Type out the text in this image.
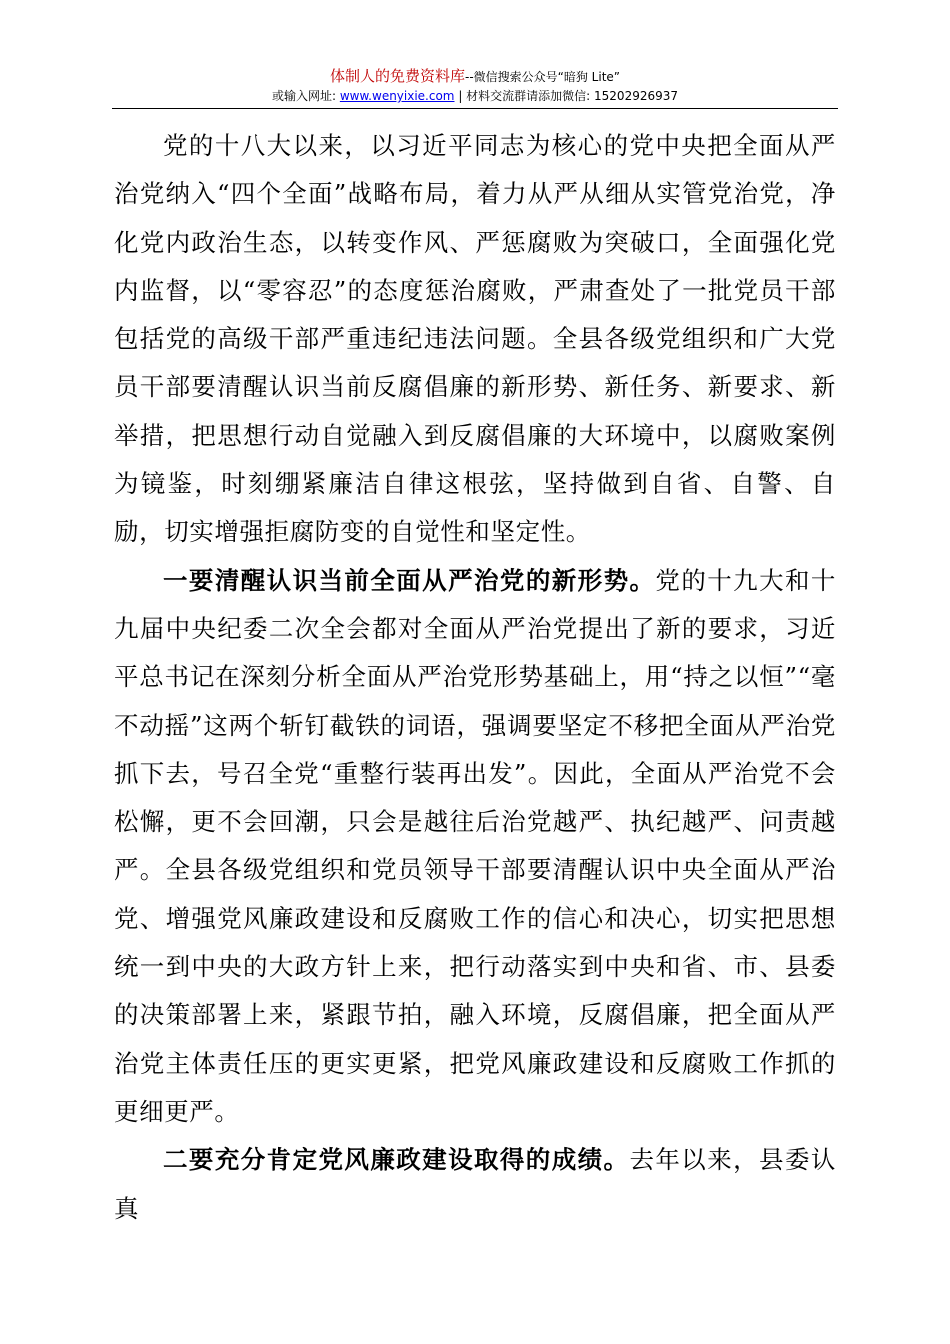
体制人的免费资料库--微信搜索公众号“暗狗 Lite”
或输入网址: www.wenyixie.com | 材料交流群请添加微信: 15202926937

党的十八大以来，以习近平同志为核心的党中央把全面从严治党纳入“四个全面”战略布局，着力从严从细从实管党治党，净化党内政治生态，以转变作风、严惩腐败为突破口，全面强化党内监督，以“零容忍”的态度惩治腐败，严肃查处了一批党员干部包括党的高级干部严重违纪违法问题。全县各级党组织和广大党员干部要清醒认识当前反腐倡廉的新形势、新任务、新要求、新举措，把思想行动自觉融入到反腐倡廉的大环境中，以腐败案例为镜鉴，时刻绷紧廉洁自律这根弦，坚持做到自省、自警、自励，切实增强拒腐防变的自觉性和坚定性。

一要清醒认识当前全面从严治党的新形势。党的十九大和十九届中央纪委二次全会都对全面从严治党提出了新的要求，习近平总书记在深刻分析全面从严治党形势基础上，用“持之以恒”“毫不动摇”这两个斩钉截铁的词语，强调要坚定不移把全面从严治党抓下去，号召全党“重整行装再出发”。因此，全面从严治党不会松懈，更不会回潮，只会是越往后治党越严、执纪越严、问责越严。全县各级党组织和党员领导干部要清醒认识中央全面从严治党、增强党风廉政建设和反腐败工作的信心和决心，切实把思想统一到中央的大政方针上来，把行动落实到中央和省、市、县委的决策部署上来，紧跟节拍，融入环境，反腐倡廉，把全面从严治党主体责任压的更实更紧，把党风廉政建设和反腐败工作抓的更细更严。

二要充分肯定党风廉政建设取得的成绩。去年以来，县委认真
